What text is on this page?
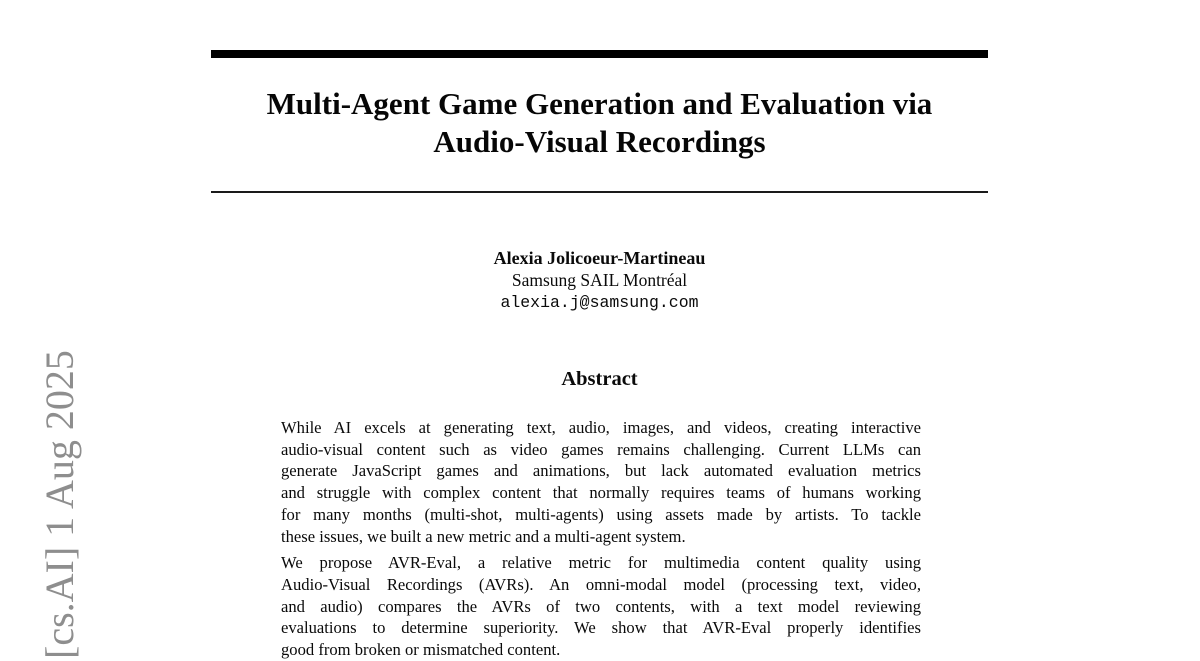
[cs.AI] 1 Aug 2025
Multi-Agent Game Generation and Evaluation via
Audio-Visual Recordings
Alexia Jolicoeur-Martineau
Samsung SAIL Montréal
alexia.j@samsung.com
Abstract
While AI excels at generating text, audio, images, and videos, creating interactive
audio-visual content such as video games remains challenging. Current LLMs can
generate JavaScript games and animations, but lack automated evaluation metrics
and struggle with complex content that normally requires teams of humans working
for many months (multi-shot, multi-agents) using assets made by artists. To tackle
these issues, we built a new metric and a multi-agent system.
We propose AVR-Eval, a relative metric for multimedia content quality using
Audio-Visual Recordings (AVRs). An omni-modal model (processing text, video,
and audio) compares the AVRs of two contents, with a text model reviewing
evaluations to determine superiority. We show that AVR-Eval properly identifies
good from broken or mismatched content.
